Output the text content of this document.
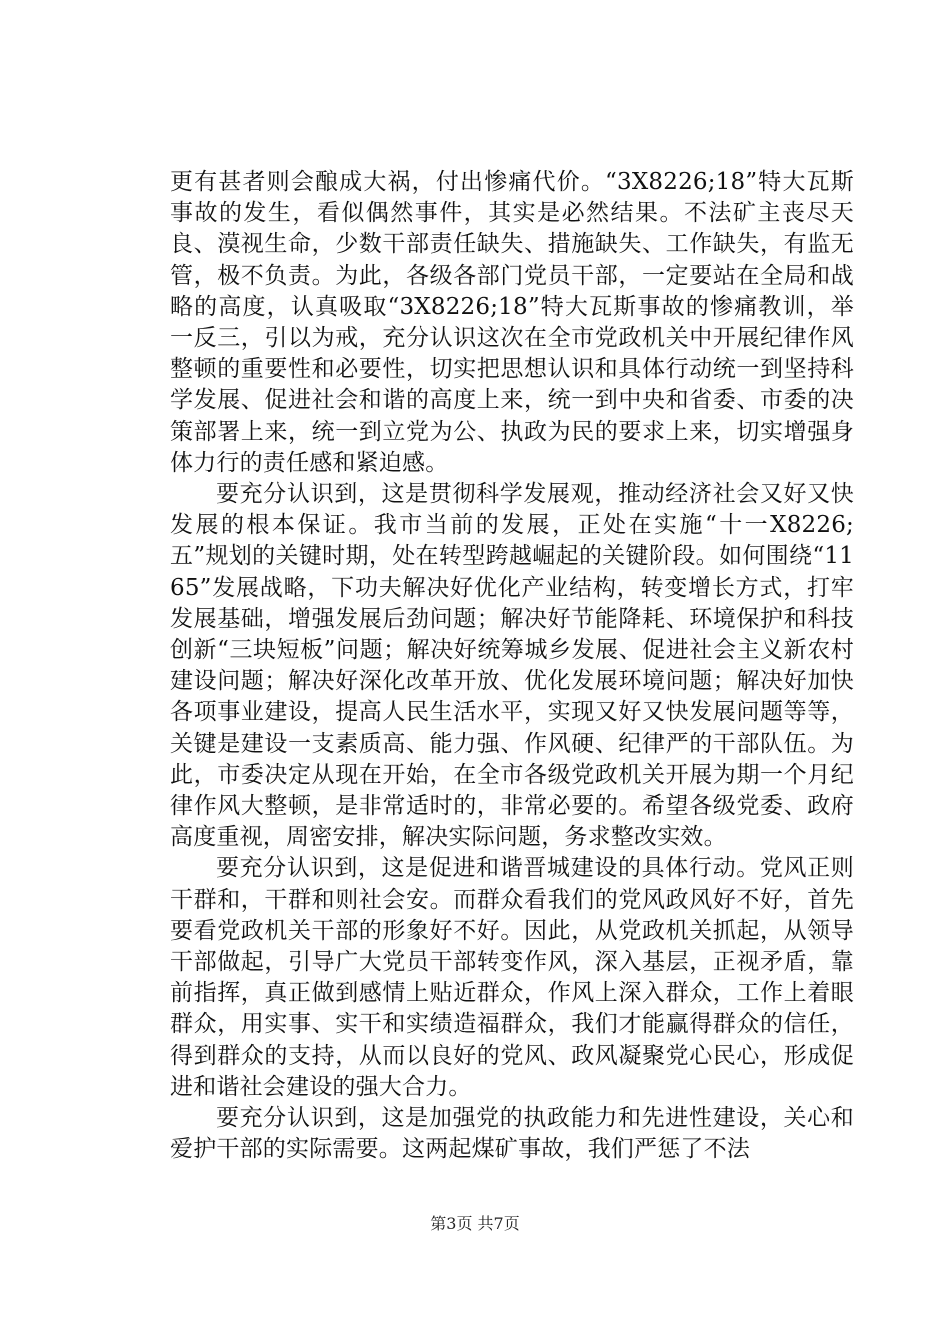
更有甚者则会酿成大祸，付出惨痛代价。“3X8226;18”特大瓦斯事故的发生，看似偶然事件，其实是必然结果。不法矿主丧尽天良、漠视生命，少数干部责任缺失、措施缺失、工作缺失，有监无管，极不负责。为此，各级各部门党员干部，一定要站在全局和战略的高度，认真吸取“3X8226;18”特大瓦斯事故的惨痛教训，举一反三，引以为戒，充分认识这次在全市党政机关中开展纪律作风整顿的重要性和必要性，切实把思想认识和具体行动统一到坚持科学发展、促进社会和谐的高度上来，统一到中央和省委、市委的决策部署上来，统一到立党为公、执政为民的要求上来，切实增强身体力行的责任感和紧迫感。

要充分认识到，这是贯彻科学发展观，推动经济社会又好又快发展的根本保证。我市当前的发展，正处在实施“十一X8226;五”规划的关键时期，处在转型跨越崛起的关键阶段。如何围绕“1165”发展战略，下功夫解决好优化产业结构，转变增长方式，打牢发展基础，增强发展后劲问题；解决好节能降耗、环境保护和科技创新“三块短板”问题；解决好统筹城乡发展、促进社会主义新农村建设问题；解决好深化改革开放、优化发展环境问题；解决好加快各项事业建设，提高人民生活水平，实现又好又快发展问题等等，关键是建设一支素质高、能力强、作风硬、纪律严的干部队伍。为此，市委决定从现在开始，在全市各级党政机关开展为期一个月纪律作风大整顿，是非常适时的，非常必要的。希望各级党委、政府高度重视，周密安排，解决实际问题，务求整改实效。

要充分认识到，这是促进和谐晋城建设的具体行动。党风正则干群和，干群和则社会安。而群众看我们的党风政风好不好，首先要看党政机关干部的形象好不好。因此，从党政机关抓起，从领导干部做起，引导广大党员干部转变作风，深入基层，正视矛盾，靠前指挥，真正做到感情上贴近群众，作风上深入群众，工作上着眼群众，用实事、实干和实绩造福群众，我们才能赢得群众的信任，得到群众的支持，从而以良好的党风、政风凝聚党心民心，形成促进和谐社会建设的强大合力。

要充分认识到，这是加强党的执政能力和先进性建设，关心和爱护干部的实际需要。这两起煤矿事故，我们严惩了不法

第3页 共7页
